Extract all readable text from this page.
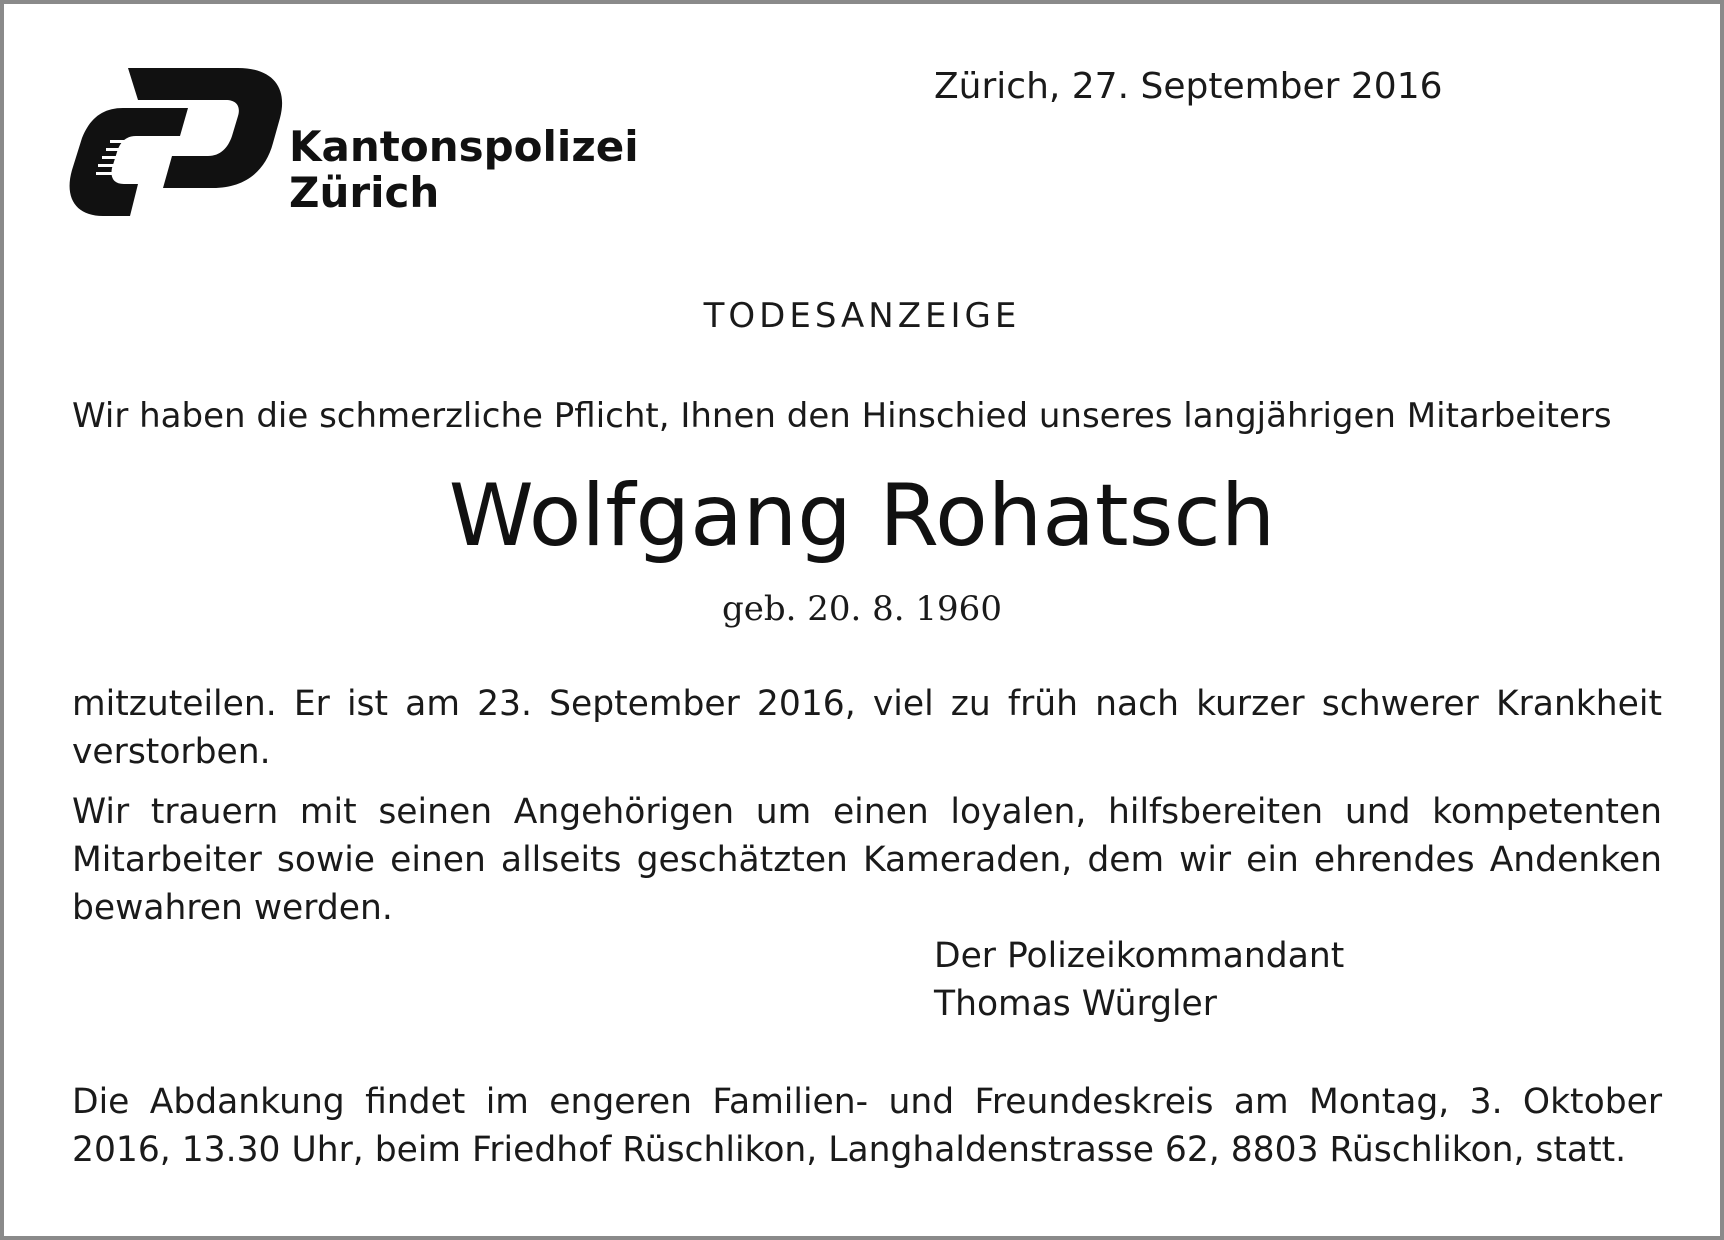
Kantonspolizei
Zürich
Zürich, 27. September 2016
TODESANZEIGE

Wir haben die schmerzliche Pflicht, Ihnen den Hinschied unseres langjährigen Mitarbeiters

Wolfgang Rohatsch
geb. 20. 8. 1960

mitzuteilen. Er ist am 23. September 2016, viel zu früh nach kurzer schwerer Krankheit verstorben.

Wir trauern mit seinen Angehörigen um einen loyalen, hilfsbereiten und kompetenten Mitarbeiter sowie einen allseits geschätzten Kameraden, dem wir ein ehrendes Andenken bewahren werden.

Der Polizeikommandant
Thomas Würgler

Die Abdankung findet im engeren Familien- und Freundeskreis am Montag, 3. Oktober 2016, 13.30 Uhr, beim Friedhof Rüschlikon, Langhaldenstrasse 62, 8803 Rüschlikon, statt.
